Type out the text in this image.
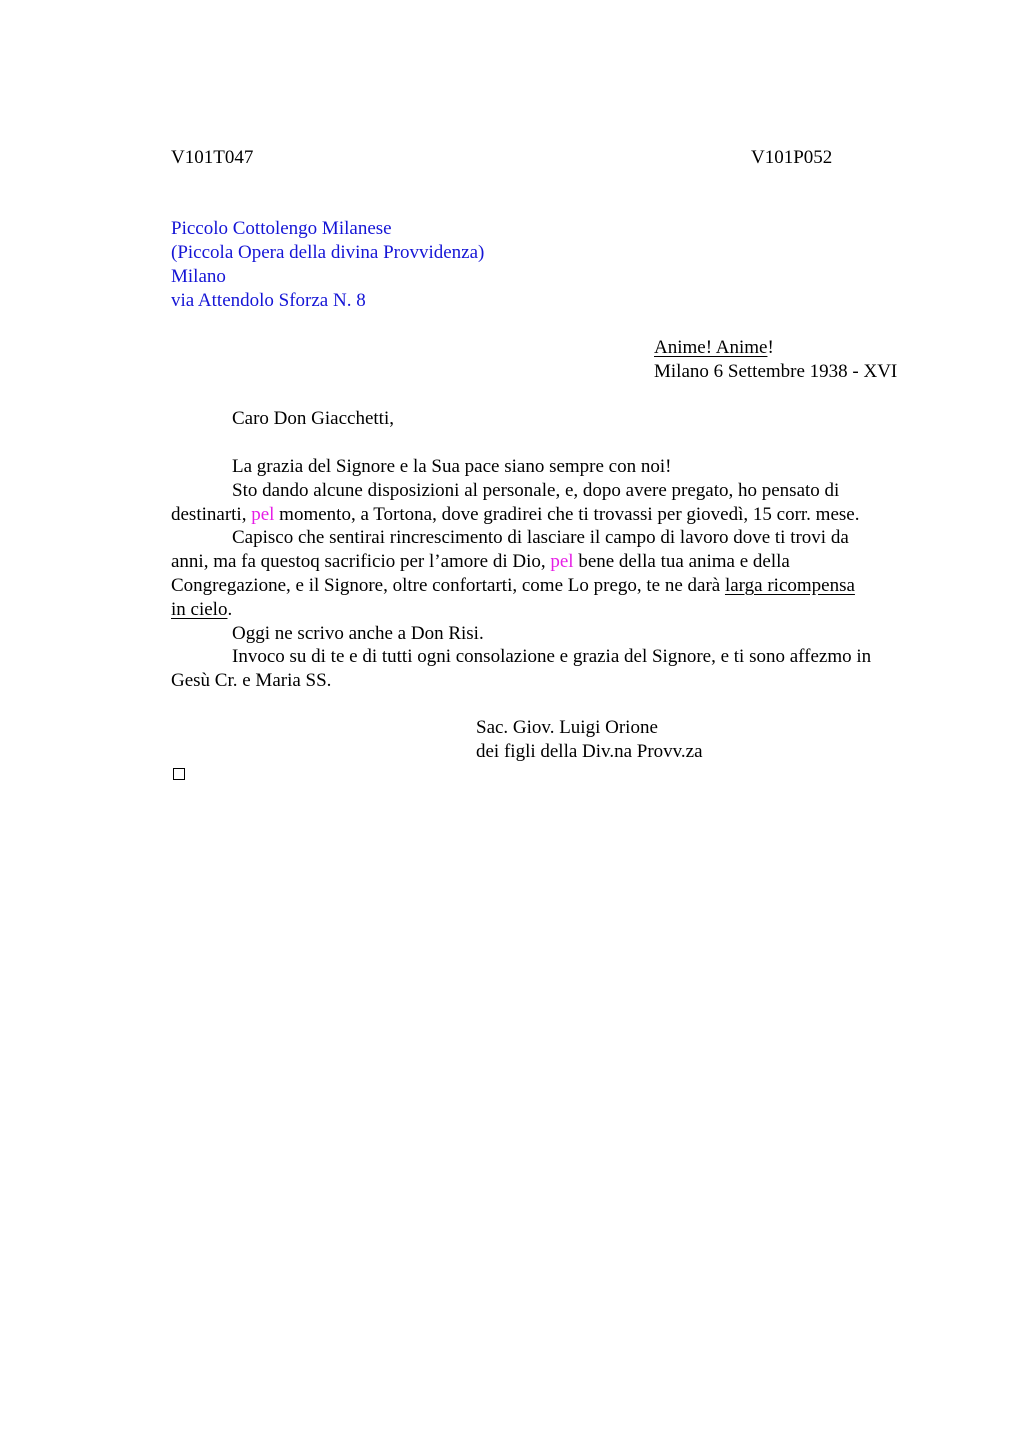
V101T047	V101P052
Piccolo Cottolengo Milanese
(Piccola Opera della divina Provvidenza)
Milano
via Attendolo Sforza N. 8
Anime! Anime!
Milano 6 Settembre 1938 - XVI
Caro Don Giacchetti,
La grazia del Signore e la Sua pace siano sempre con noi!
Sto dando alcune disposizioni al personale, e, dopo avere pregato, ho pensato di
destinarti, pel momento, a Tortona, dove gradirei che ti trovassi per giovedì, 15 corr. mese.
Capisco che sentirai rincrescimento di lasciare il campo di lavoro dove ti trovi da
anni, ma fa questoq sacrificio per l’amore di Dio, pel bene della tua anima e della
Congregazione, e il Signore, oltre confortarti, come Lo prego, te ne darà larga ricompensa
in cielo.
Oggi ne scrivo anche a Don Risi.
Invoco su di te e di tutti ogni consolazione e grazia del Signore, e ti sono affezmo in
Gesù Cr. e Maria SS.
Sac. Giov. Luigi Orione
dei figli della Div.na Provv.za
